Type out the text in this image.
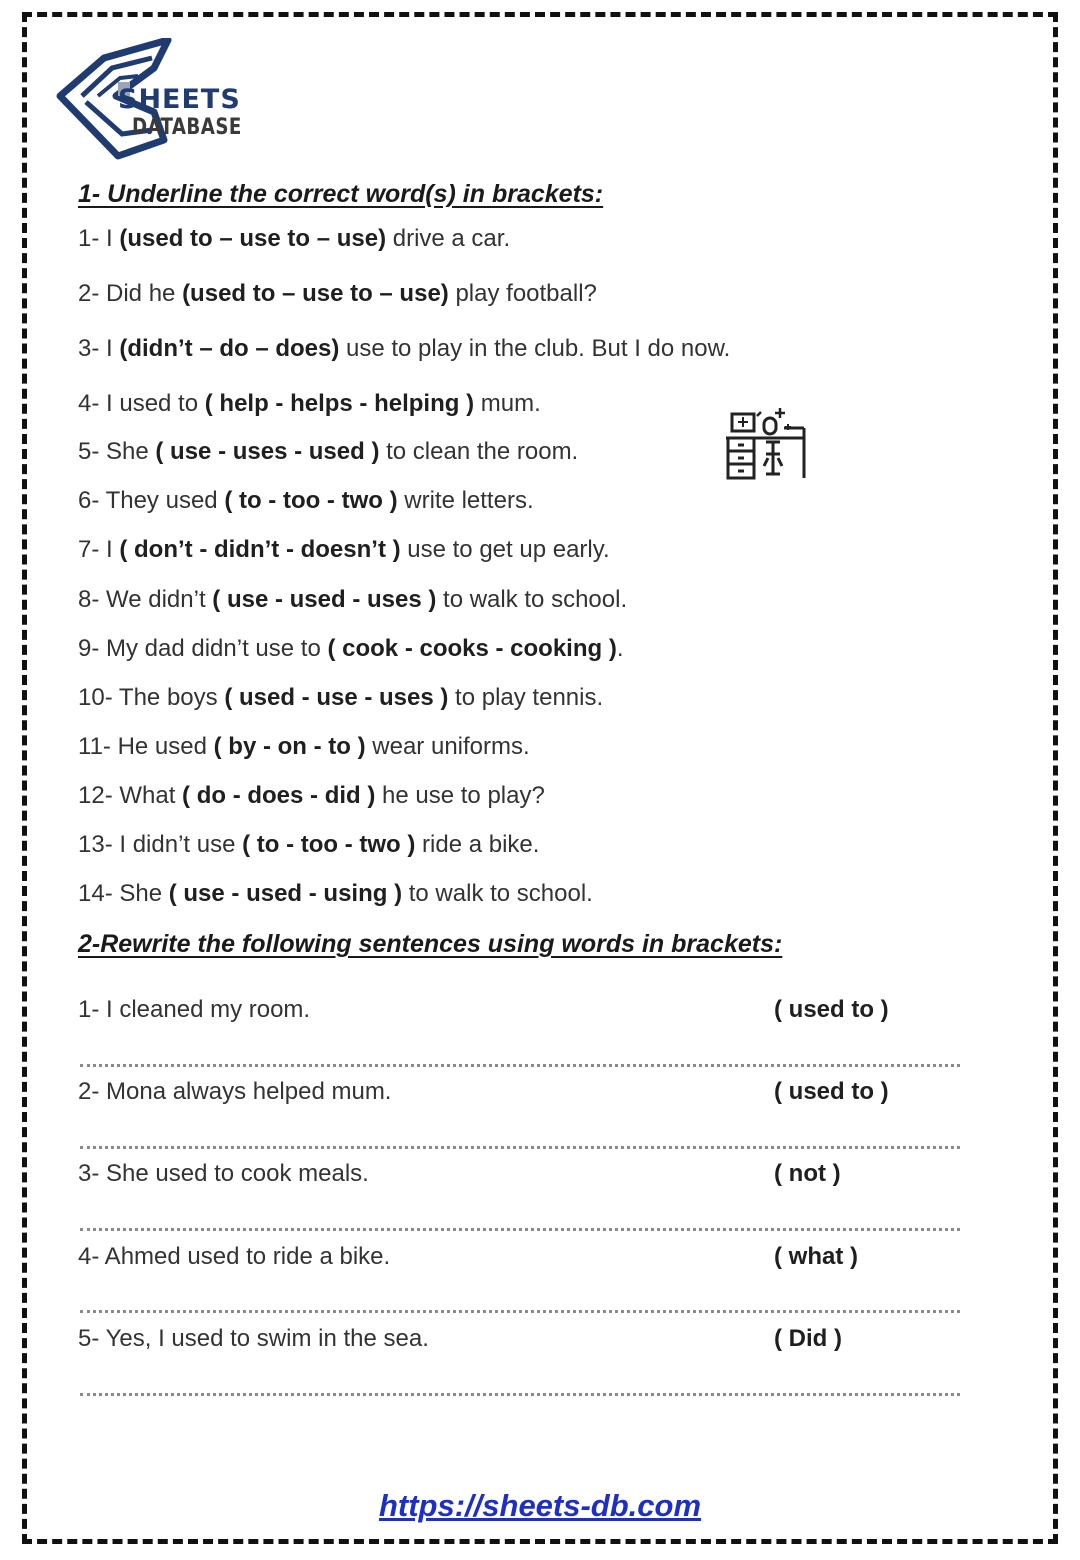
SHEETS
DATABASE
1- Underline the correct word(s) in brackets:
1- I (used to – use to – use) drive a car.
2- Did he (used to – use to – use) play football?
3- I (didn’t – do – does) use to play in the club. But I do now.
4- I used to ( help - helps - helping ) mum.
5- She ( use - uses - used ) to clean the room.
6- They used ( to - too - two ) write letters.
7- I ( don’t - didn’t - doesn’t ) use to get up early.
8- We didn’t ( use - used - uses ) to walk to school.
9- My dad didn’t use to ( cook - cooks - cooking ).
10- The boys ( used - use - uses ) to play tennis.
11- He used ( by - on - to ) wear uniforms.
12- What ( do - does - did ) he use to play?
13- I didn’t use ( to - too - two ) ride a bike.
14- She ( use - used - using ) to walk to school.
2-Rewrite the following sentences using words in brackets:
1- I cleaned my room.	( used to )
2- Mona always helped mum.	( used to )
3- She used to cook meals.	( not )
4- Ahmed used to ride a bike.	( what )
5- Yes, I used to swim in the sea.	( Did )
https://sheets-db.com
